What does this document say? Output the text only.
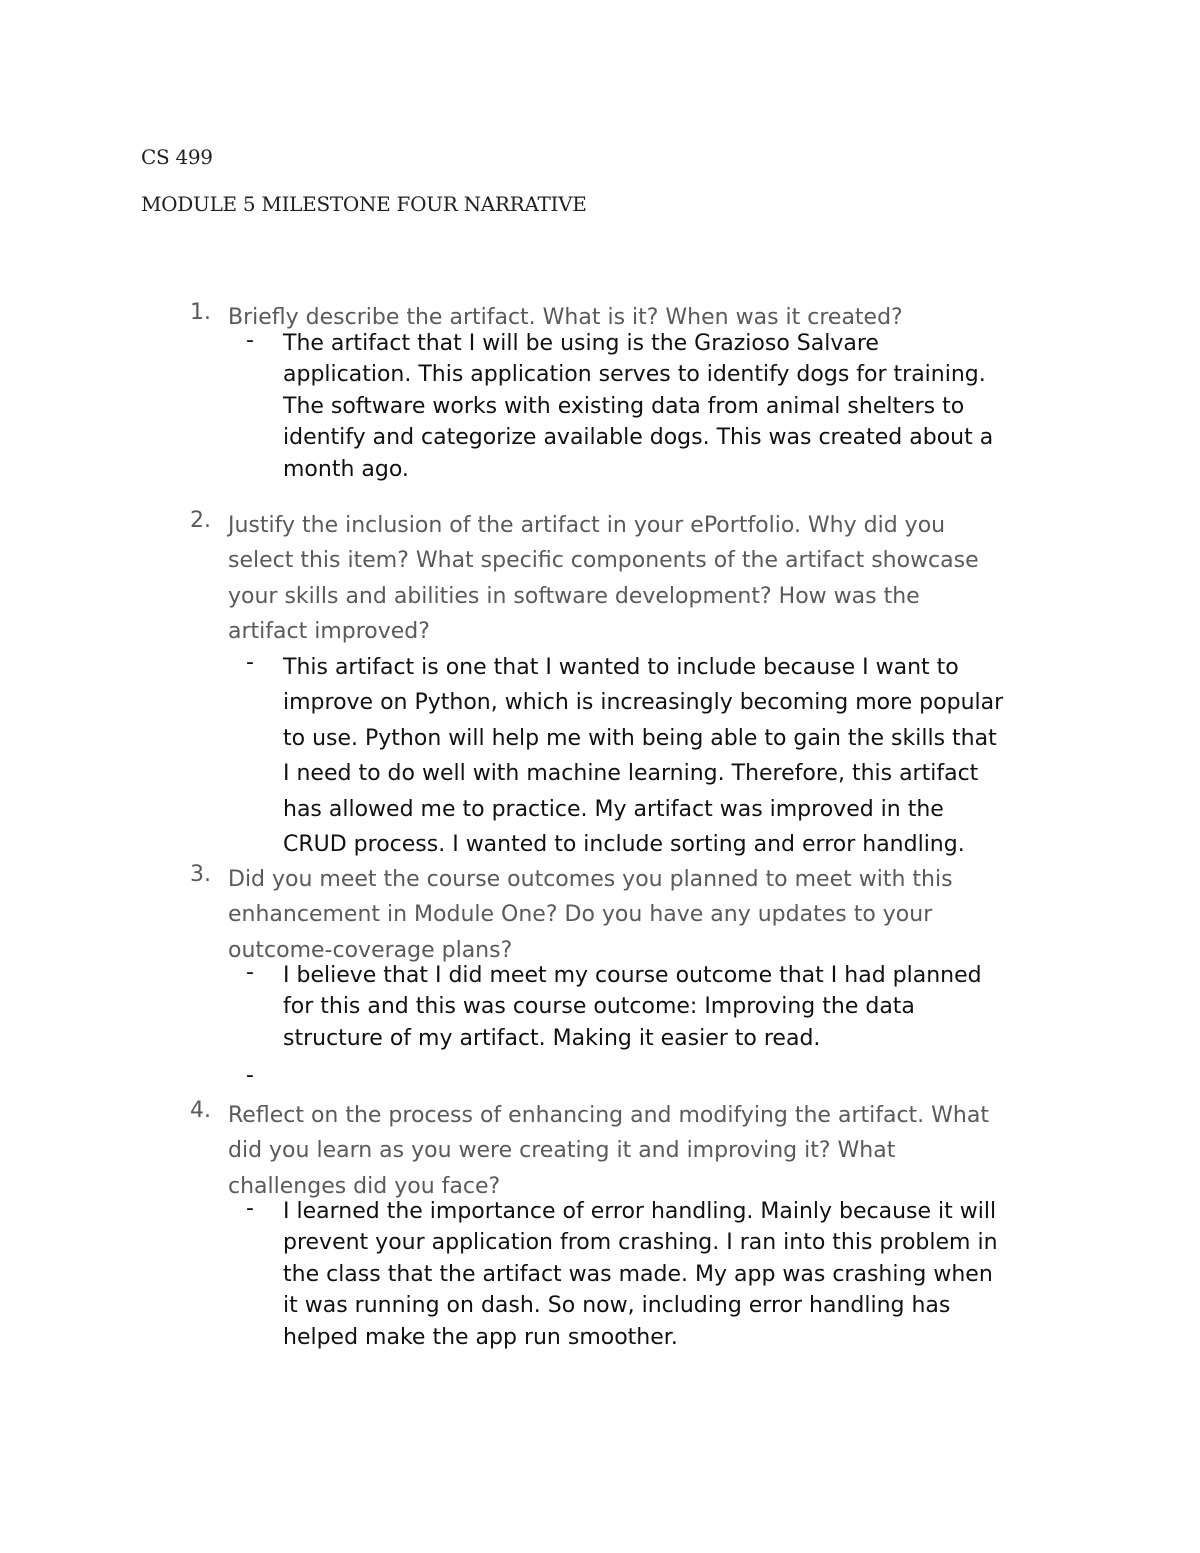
CS 499
MODULE 5 MILESTONE FOUR NARRATIVE
1. Briefly describe the artifact. What is it? When was it created?

- The artifact that I will be using is the Grazioso Salvare
application. This application serves to identify dogs for training.
The software works with existing data from animal shelters to
identify and categorize available dogs. This was created about a
month ago.

2. Justify the inclusion of the artifact in your ePortfolio. Why did you
select this item? What specific components of the artifact showcase
your skills and abilities in software development? How was the
artifact improved?

- This artifact is one that I wanted to include because I want to
improve on Python, which is increasingly becoming more popular
to use. Python will help me with being able to gain the skills that
I need to do well with machine learning. Therefore, this artifact
has allowed me to practice. My artifact was improved in the
CRUD process. I wanted to include sorting and error handling.

3. Did you meet the course outcomes you planned to meet with this
enhancement in Module One? Do you have any updates to your
outcome-coverage plans?

- I believe that I did meet my course outcome that I had planned
for this and this was course outcome: Improving the data
structure of my artifact. Making it easier to read.

-

4. Reflect on the process of enhancing and modifying the artifact. What
did you learn as you were creating it and improving it? What
challenges did you face?

- I learned the importance of error handling. Mainly because it will
prevent your application from crashing. I ran into this problem in
the class that the artifact was made. My app was crashing when
it was running on dash. So now, including error handling has
helped make the app run smoother.
